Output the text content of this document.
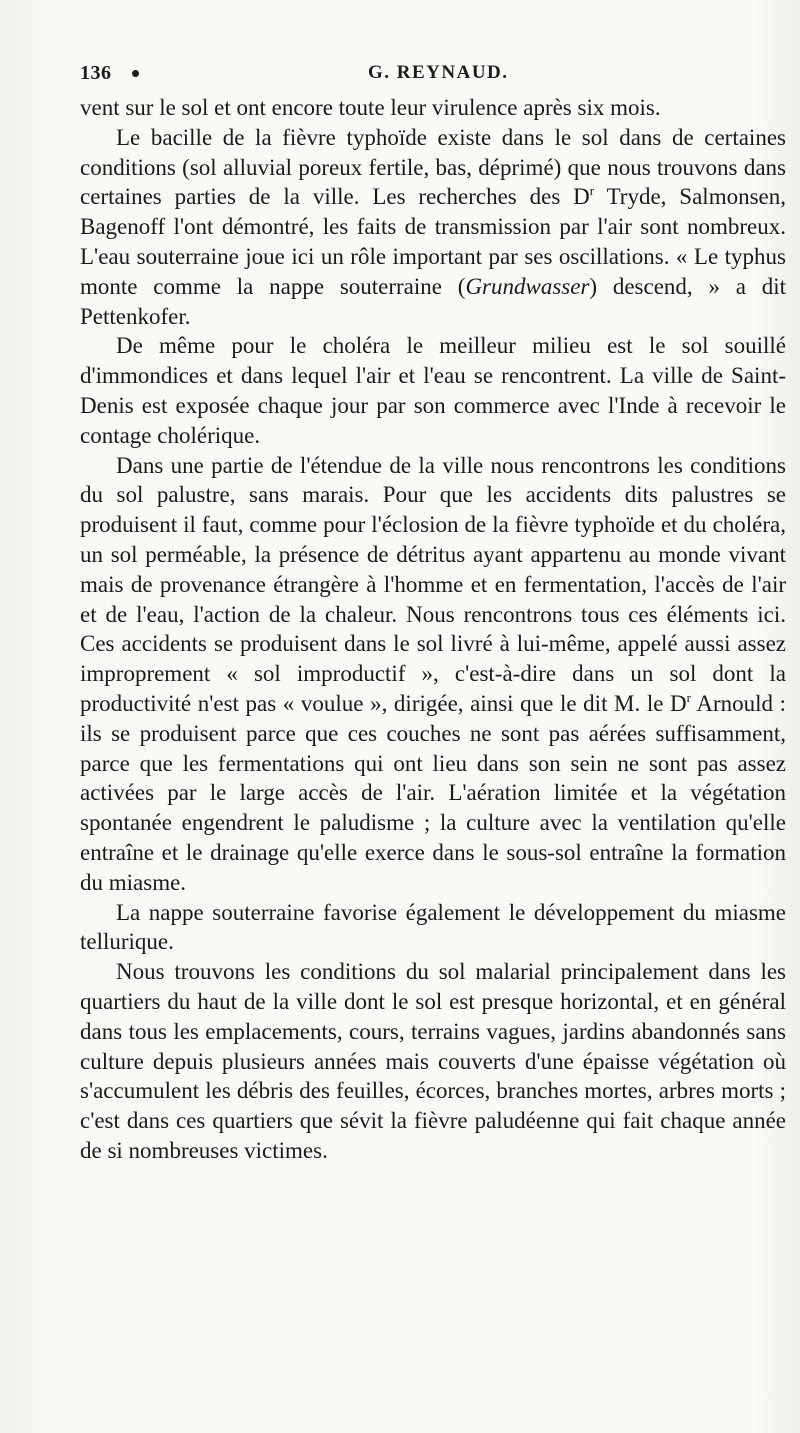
136	G. REYNAUD.

vent sur le sol et ont encore toute leur virulence après six mois.

Le bacille de la fièvre typhoïde existe dans le sol dans de certaines conditions (sol alluvial poreux fertile, bas, déprimé) que nous trouvons dans certaines parties de la ville. Les recherches des $D^r$ Tryde, Salmonsen, Bagenoff l'ont démontré, les faits de transmission par l'air sont nombreux. L'eau souterraine joue ici un rôle important par ses oscillations. « Le typhus monte comme la nappe souterraine (Grundwasser) descend, » a dit Pettenkofer.

De même pour le choléra le meilleur milieu est le sol souillé d'immondices et dans lequel l'air et l'eau se rencontrent. La ville de Saint-Denis est exposée chaque jour par son commerce avec l'Inde à recevoir le contage cholérique.

Dans une partie de l'étendue de la ville nous rencontrons les conditions du sol palustre, sans marais. Pour que les accidents dits palustres se produisent il faut, comme pour l'éclosion de la fièvre typhoïde et du choléra, un sol perméable, la présence de détritus ayant appartenu au monde vivant mais de provenance étrangère à l'homme et en fermentation, l'accès de l'air et de l'eau, l'action de la chaleur. Nous rencontrons tous ces éléments ici. Ces accidents se produisent dans le sol livré à lui-même, appelé aussi assez improprement « sol improductif », c'est-à-dire dans un sol dont la productivité n'est pas « voulue », dirigée, ainsi que le dit M. le $D^r$ Arnould : ils se produisent parce que ces couches ne sont pas aérées suffisamment, parce que les fermentations qui ont lieu dans son sein ne sont pas assez activées par le large accès de l'air. L'aération limitée et la végétation spontanée engendrent le paludisme ; la culture avec la ventilation qu'elle entraîne et le drainage qu'elle exerce dans le sous-sol entraîne la formation du miasme.

La nappe souterraine favorise également le développement du miasme tellurique.

Nous trouvons les conditions du sol malarial principalement dans les quartiers du haut de la ville dont le sol est presque horizontal, et en général dans tous les emplacements, cours, terrains vagues, jardins abandonnés sans culture depuis plusieurs années mais couverts d'une épaisse végétation où s'accumulent les débris des feuilles, écorces, branches mortes, arbres morts ; c'est dans ces quartiers que sévit la fièvre paludéenne qui fait chaque année de si nombreuses victimes.
